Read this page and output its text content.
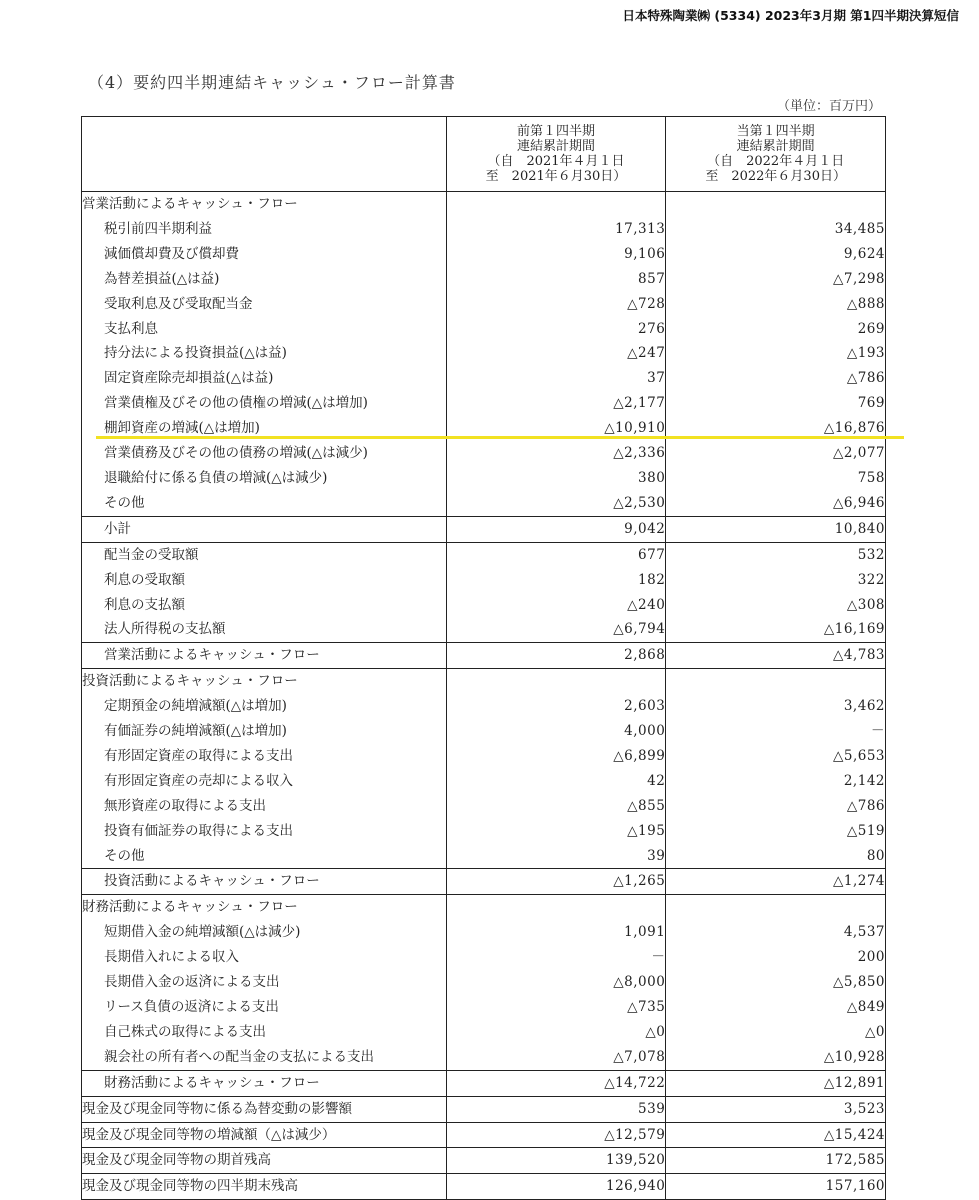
日本特殊陶業㈱ (5334) 2023年3月期 第1四半期決算短信
（4）要約四半期連結キャッシュ・フロー計算書
（単位：百万円）

	前第１四半期
連結累計期間
（自　2021年４月１日
至　2021年６月30日）	当第１四半期
連結累計期間
（自　2022年４月１日
至　2022年６月30日）

営業活動によるキャッシュ・フロー		
税引前四半期利益	17,313	34,485
減価償却費及び償却費	9,106	9,624
為替差損益(△は益)	857	△7,298
受取利息及び受取配当金	△728	△888
支払利息	276	269
持分法による投資損益(△は益)	△247	△193
固定資産除売却損益(△は益)	37	△786
営業債権及びその他の債権の増減(△は増加)	△2,177	769
棚卸資産の増減(△は増加)	△10,910	△16,876
営業債務及びその他の債務の増減(△は減少)	△2,336	△2,077
退職給付に係る負債の増減(△は減少)	380	758
その他	△2,530	△6,946
小計	9,042	10,840
配当金の受取額	677	532
利息の受取額	182	322
利息の支払額	△240	△308
法人所得税の支払額	△6,794	△16,169
営業活動によるキャッシュ・フロー	2,868	△4,783
投資活動によるキャッシュ・フロー		
定期預金の純増減額(△は増加)	2,603	3,462
有価証券の純増減額(△は増加)	4,000	－
有形固定資産の取得による支出	△6,899	△5,653
有形固定資産の売却による収入	42	2,142
無形資産の取得による支出	△855	△786
投資有価証券の取得による支出	△195	△519
その他	39	80
投資活動によるキャッシュ・フロー	△1,265	△1,274
財務活動によるキャッシュ・フロー		
短期借入金の純増減額(△は減少)	1,091	4,537
長期借入れによる収入	－	200
長期借入金の返済による支出	△8,000	△5,850
リース負債の返済による支出	△735	△849
自己株式の取得による支出	△0	△0
親会社の所有者への配当金の支払による支出	△7,078	△10,928
財務活動によるキャッシュ・フロー	△14,722	△12,891
現金及び現金同等物に係る為替変動の影響額	539	3,523
現金及び現金同等物の増減額（△は減少）	△12,579	△15,424
現金及び現金同等物の期首残高	139,520	172,585
現金及び現金同等物の四半期末残高	126,940	157,160
